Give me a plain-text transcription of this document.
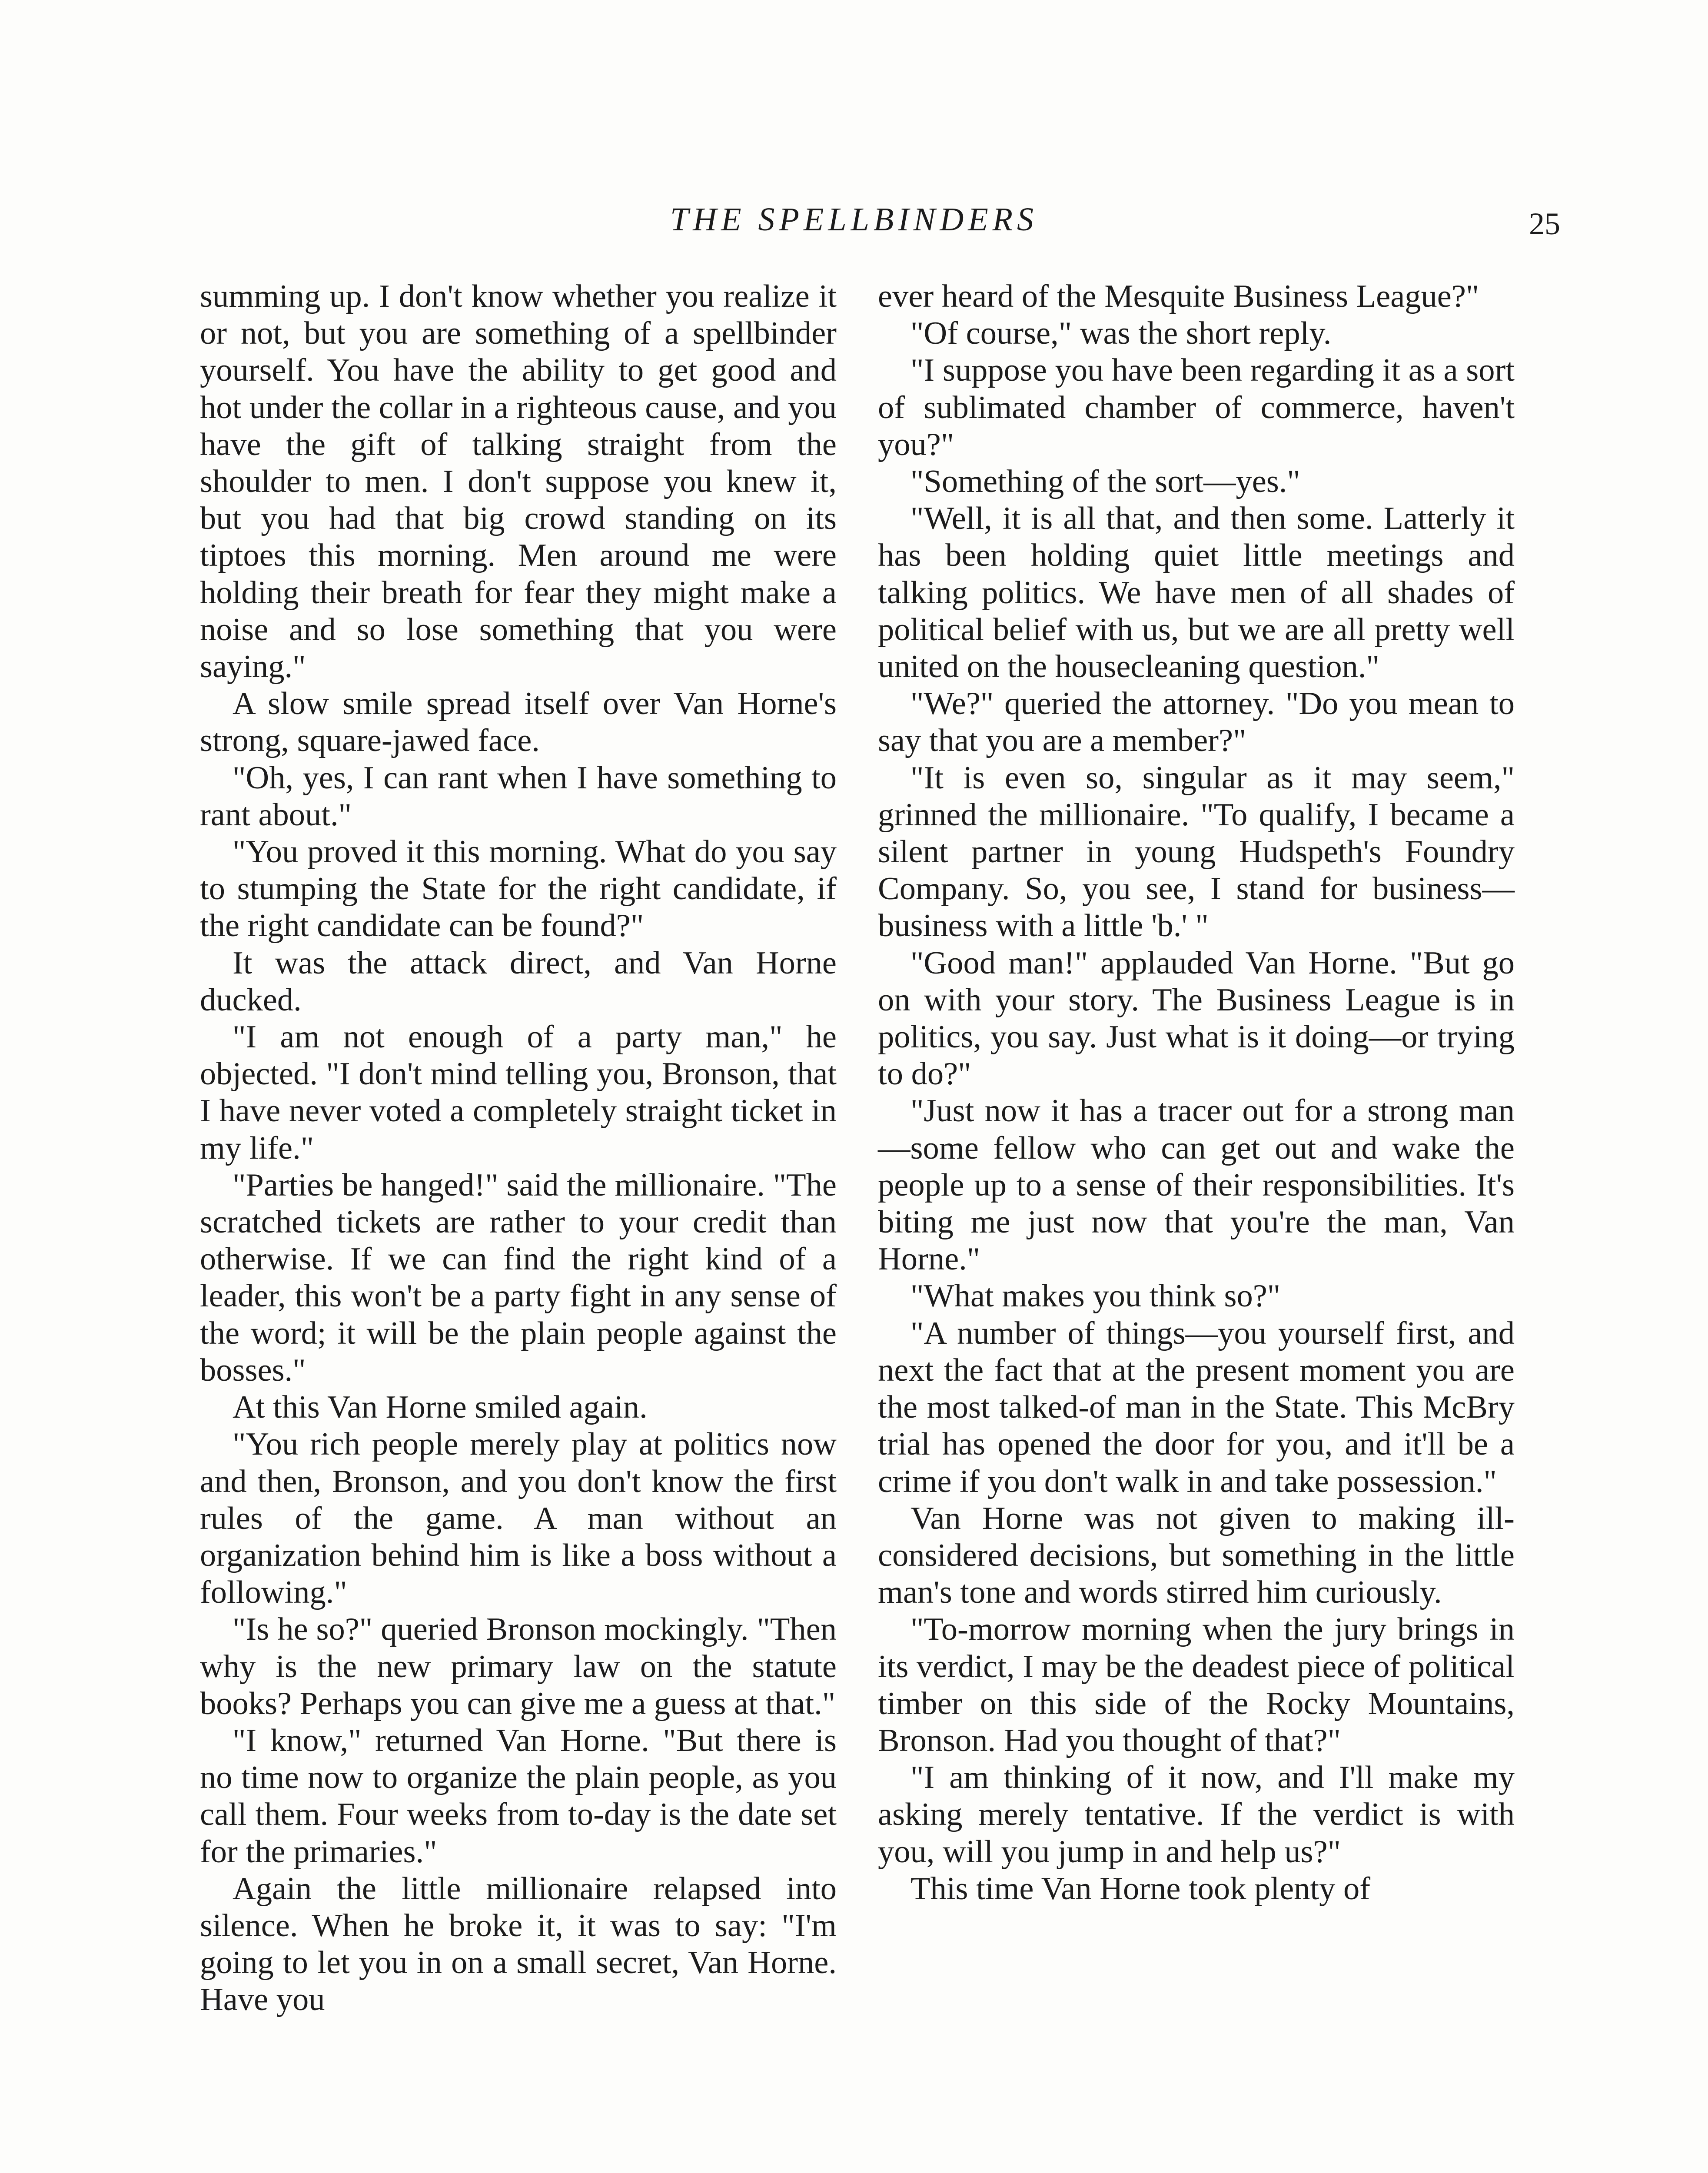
THE SPELLBINDERS	25

summing up. I don't know whether you realize it or not, but you are something of a spellbinder yourself. You have the ability to get good and hot under the collar in a righteous cause, and you have the gift of talking straight from the shoulder to men. I don't suppose you knew it, but you had that big crowd standing on its tiptoes this morning. Men around me were holding their breath for fear they might make a noise and so lose something that you were saying."

A slow smile spread itself over Van Horne's strong, square-jawed face.

"Oh, yes, I can rant when I have something to rant about."

"You proved it this morning. What do you say to stumping the State for the right candidate, if the right candidate can be found?"

It was the attack direct, and Van Horne ducked.

"I am not enough of a party man," he objected. "I don't mind telling you, Bronson, that I have never voted a completely straight ticket in my life."

"Parties be hanged!" said the millionaire. "The scratched tickets are rather to your credit than otherwise. If we can find the right kind of a leader, this won't be a party fight in any sense of the word; it will be the plain people against the bosses."

At this Van Horne smiled again.

"You rich people merely play at politics now and then, Bronson, and you don't know the first rules of the game. A man without an organization behind him is like a boss without a following."

"Is he so?" queried Bronson mockingly. "Then why is the new primary law on the statute books? Perhaps you can give me a guess at that."

"I know," returned Van Horne. "But there is no time now to organize the plain people, as you call them. Four weeks from to-day is the date set for the primaries."

Again the little millionaire relapsed into silence. When he broke it, it was to say: "I'm going to let you in on a small secret, Van Horne. Have you

ever heard of the Mesquite Business League?"

"Of course," was the short reply.

"I suppose you have been regarding it as a sort of sublimated chamber of commerce, haven't you?"

"Something of the sort—yes."

"Well, it is all that, and then some. Latterly it has been holding quiet little meetings and talking politics. We have men of all shades of political belief with us, but we are all pretty well united on the housecleaning question."

"We?" queried the attorney. "Do you mean to say that you are a member?"

"It is even so, singular as it may seem," grinned the millionaire. "To qualify, I became a silent partner in young Hudspeth's Foundry Company. So, you see, I stand for business—business with a little 'b.' "

"Good man!" applauded Van Horne. "But go on with your story. The Business League is in politics, you say. Just what is it doing—or trying to do?"

"Just now it has a tracer out for a strong man—some fellow who can get out and wake the people up to a sense of their responsibilities. It's biting me just now that you're the man, Van Horne."

"What makes you think so?"

"A number of things—you yourself first, and next the fact that at the present moment you are the most talked-of man in the State. This McBry trial has opened the door for you, and it'll be a crime if you don't walk in and take possession."

Van Horne was not given to making ill-considered decisions, but something in the little man's tone and words stirred him curiously.

"To-morrow morning when the jury brings in its verdict, I may be the deadest piece of political timber on this side of the Rocky Mountains, Bronson. Had you thought of that?"

"I am thinking of it now, and I'll make my asking merely tentative. If the verdict is with you, will you jump in and help us?"

This time Van Horne took plenty of
